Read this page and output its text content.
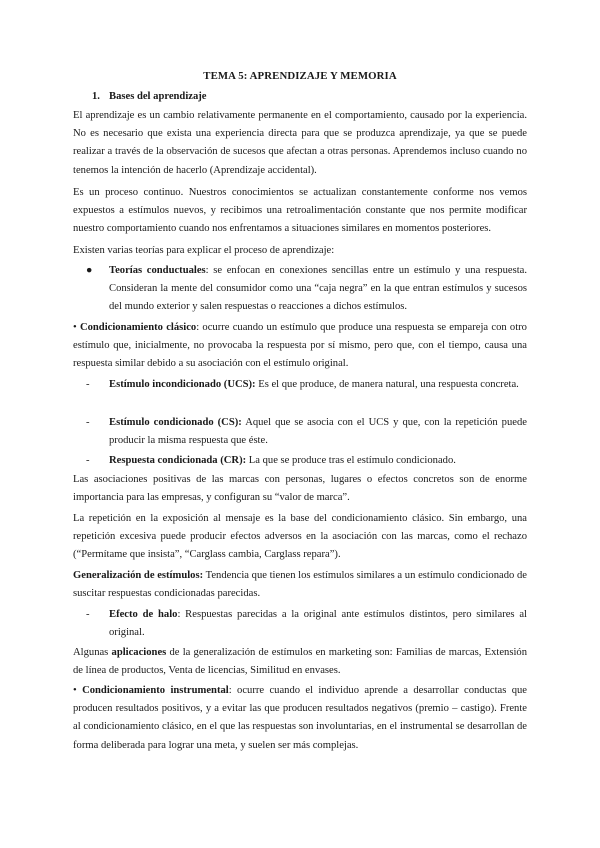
TEMA 5: APRENDIZAJE Y MEMORIA
1. Bases del aprendizaje

El aprendizaje es un cambio relativamente permanente en el comportamiento, causado por la experiencia. No es necesario que exista una experiencia directa para que se produzca aprendizaje, ya que se puede realizar a través de la observación de sucesos que afectan a otras personas. Aprendemos incluso cuando no tenemos la intención de hacerlo (Aprendizaje accidental).

Es un proceso continuo. Nuestros conocimientos se actualizan constantemente conforme nos vemos expuestos a estímulos nuevos, y recibimos una retroalimentación constante que nos permite modificar nuestro comportamiento cuando nos enfrentamos a situaciones similares en momentos posteriores.

Existen varias teorías para explicar el proceso de aprendizaje:

●	Teorías conductuales: se enfocan en conexiones sencillas entre un estímulo y una respuesta. Consideran la mente del consumidor como una “caja negra” en la que entran estímulos y sucesos del mundo exterior y salen respuestas o reacciones a dichos estímulos.

• Condicionamiento clásico: ocurre cuando un estímulo que produce una respuesta se empareja con otro estímulo que, inicialmente, no provocaba la respuesta por sí mismo, pero que, con el tiempo, causa una respuesta similar debido a su asociación con el estímulo original.

-	Estímulo incondicionado (UCS): Es el que produce, de manera natural, una respuesta concreta.

-	Estímulo condicionado (CS): Aquel que se asocia con el UCS y que, con la repetición puede producir la misma respuesta que éste.

-	Respuesta condicionada (CR): La que se produce tras el estímulo condicionado.

Las asociaciones positivas de las marcas con personas, lugares o efectos concretos son de enorme importancia para las empresas, y configuran su “valor de marca”.

La repetición en la exposición al mensaje es la base del condicionamiento clásico. Sin embargo, una repetición excesiva puede producir efectos adversos en la asociación con las marcas, como el rechazo (“Permítame que insista”, “Carglass cambia, Carglass repara”).

Generalización de estímulos: Tendencia que tienen los estímulos similares a un estímulo condicionado de suscitar respuestas condicionadas parecidas.

-	Efecto de halo: Respuestas parecidas a la original ante estímulos distintos, pero similares al original.

Algunas aplicaciones de la generalización de estímulos en marketing son: Familias de marcas, Extensión de línea de productos, Venta de licencias, Similitud en envases.

• Condicionamiento instrumental: ocurre cuando el individuo aprende a desarrollar conductas que producen resultados positivos, y a evitar las que producen resultados negativos (premio – castigo). Frente al condicionamiento clásico, en el que las respuestas son involuntarias, en el instrumental se desarrollan de forma deliberada para lograr una meta, y suelen ser más complejas.
